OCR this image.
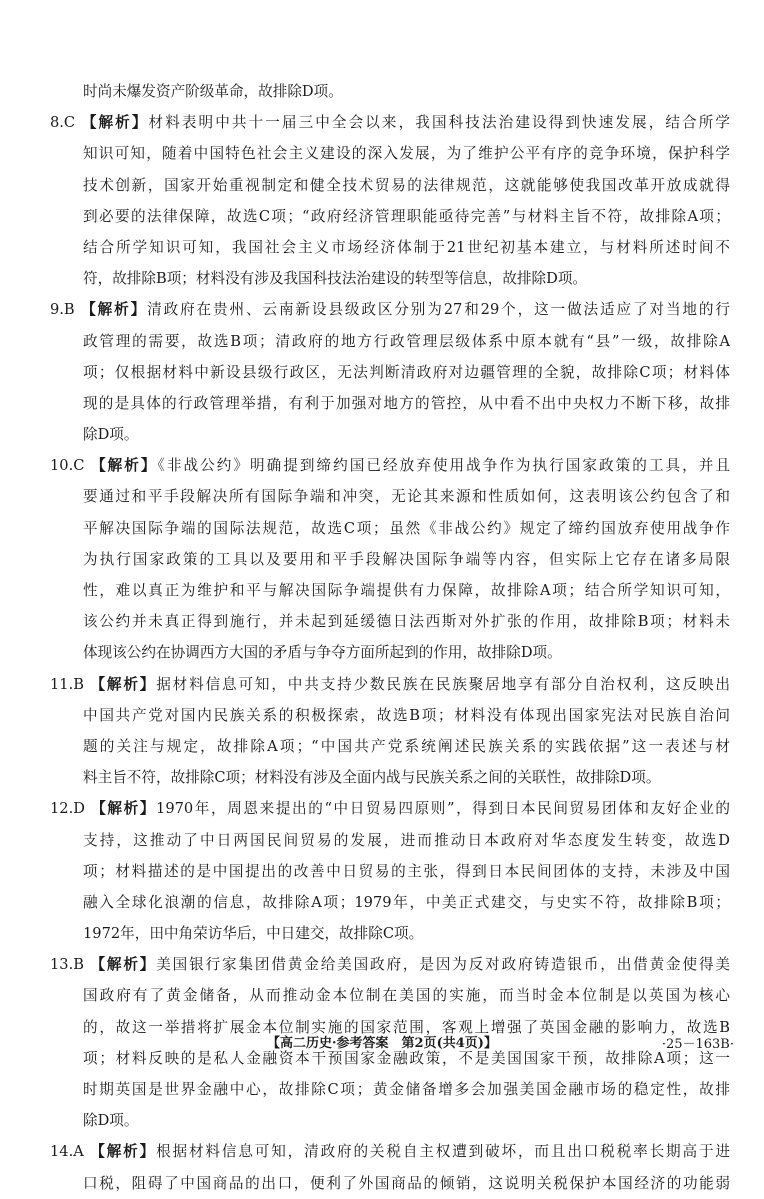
时尚未爆发资产阶级革命，故排除D项。
8.C 【解析】材料表明中共十一届三中全会以来，我国科技法治建设得到快速发展，结合所学
知识可知，随着中国特色社会主义建设的深入发展，为了维护公平有序的竞争环境，保护科学
技术创新，国家开始重视制定和健全技术贸易的法律规范，这就能够使我国改革开放成就得
到必要的法律保障，故选C项；“政府经济管理职能亟待完善”与材料主旨不符，故排除A项；
结合所学知识可知，我国社会主义市场经济体制于21世纪初基本建立，与材料所述时间不
符，故排除B项；材料没有涉及我国科技法治建设的转型等信息，故排除D项。
9.B 【解析】清政府在贵州、云南新设县级政区分别为27和29个，这一做法适应了对当地的行
政管理的需要，故选B项；清政府的地方行政管理层级体系中原本就有“县”一级，故排除A
项；仅根据材料中新设县级行政区，无法判断清政府对边疆管理的全貌，故排除C项；材料体
现的是具体的行政管理举措，有利于加强对地方的管控，从中看不出中央权力不断下移，故排
除D项。
10.C 【解析】《非战公约》明确提到缔约国已经放弃使用战争作为执行国家政策的工具，并且
要通过和平手段解决所有国际争端和冲突，无论其来源和性质如何，这表明该公约包含了和
平解决国际争端的国际法规范，故选C项；虽然《非战公约》规定了缔约国放弃使用战争作
为执行国家政策的工具以及要用和平手段解决国际争端等内容，但实际上它存在诸多局限
性，难以真正为维护和平与解决国际争端提供有力保障，故排除A项；结合所学知识可知，
该公约并未真正得到施行，并未起到延缓德日法西斯对外扩张的作用，故排除B项；材料未
体现该公约在协调西方大国的矛盾与争夺方面所起到的作用，故排除D项。
11.B 【解析】据材料信息可知，中共支持少数民族在民族聚居地享有部分自治权利，这反映出
中国共产党对国内民族关系的积极探索，故选B项；材料没有体现出国家宪法对民族自治问
题的关注与规定，故排除A项；“中国共产党系统阐述民族关系的实践依据”这一表述与材
料主旨不符，故排除C项；材料没有涉及全面内战与民族关系之间的关联性，故排除D项。
12.D 【解析】1970年，周恩来提出的“中日贸易四原则”，得到日本民间贸易团体和友好企业的
支持，这推动了中日两国民间贸易的发展，进而推动日本政府对华态度发生转变，故选D
项；材料描述的是中国提出的改善中日贸易的主张，得到日本民间团体的支持，未涉及中国
融入全球化浪潮的信息，故排除A项；1979年，中美正式建交，与史实不符，故排除B项；
1972年，田中角荣访华后，中日建交，故排除C项。
13.B 【解析】美国银行家集团借黄金给美国政府，是因为反对政府铸造银币，出借黄金使得美
国政府有了黄金储备，从而推动金本位制在美国的实施，而当时金本位制是以英国为核心
的，故这一举措将扩展金本位制实施的国家范围，客观上增强了英国金融的影响力，故选B
项；材料反映的是私人金融资本干预国家金融政策，不是美国国家干预，故排除A项；这一
时期英国是世界金融中心，故排除C项；黄金储备增多会加强美国金融市场的稳定性，故排
除D项。
14.A 【解析】根据材料信息可知，清政府的关税自主权遭到破坏，而且出口税税率长期高于进
口税，阻碍了中国商品的出口，便利了外国商品的倾销，这说明关税保护本国经济的功能弱
【高二历史·参考答案　第2页(共4页)】	·25－163B·
